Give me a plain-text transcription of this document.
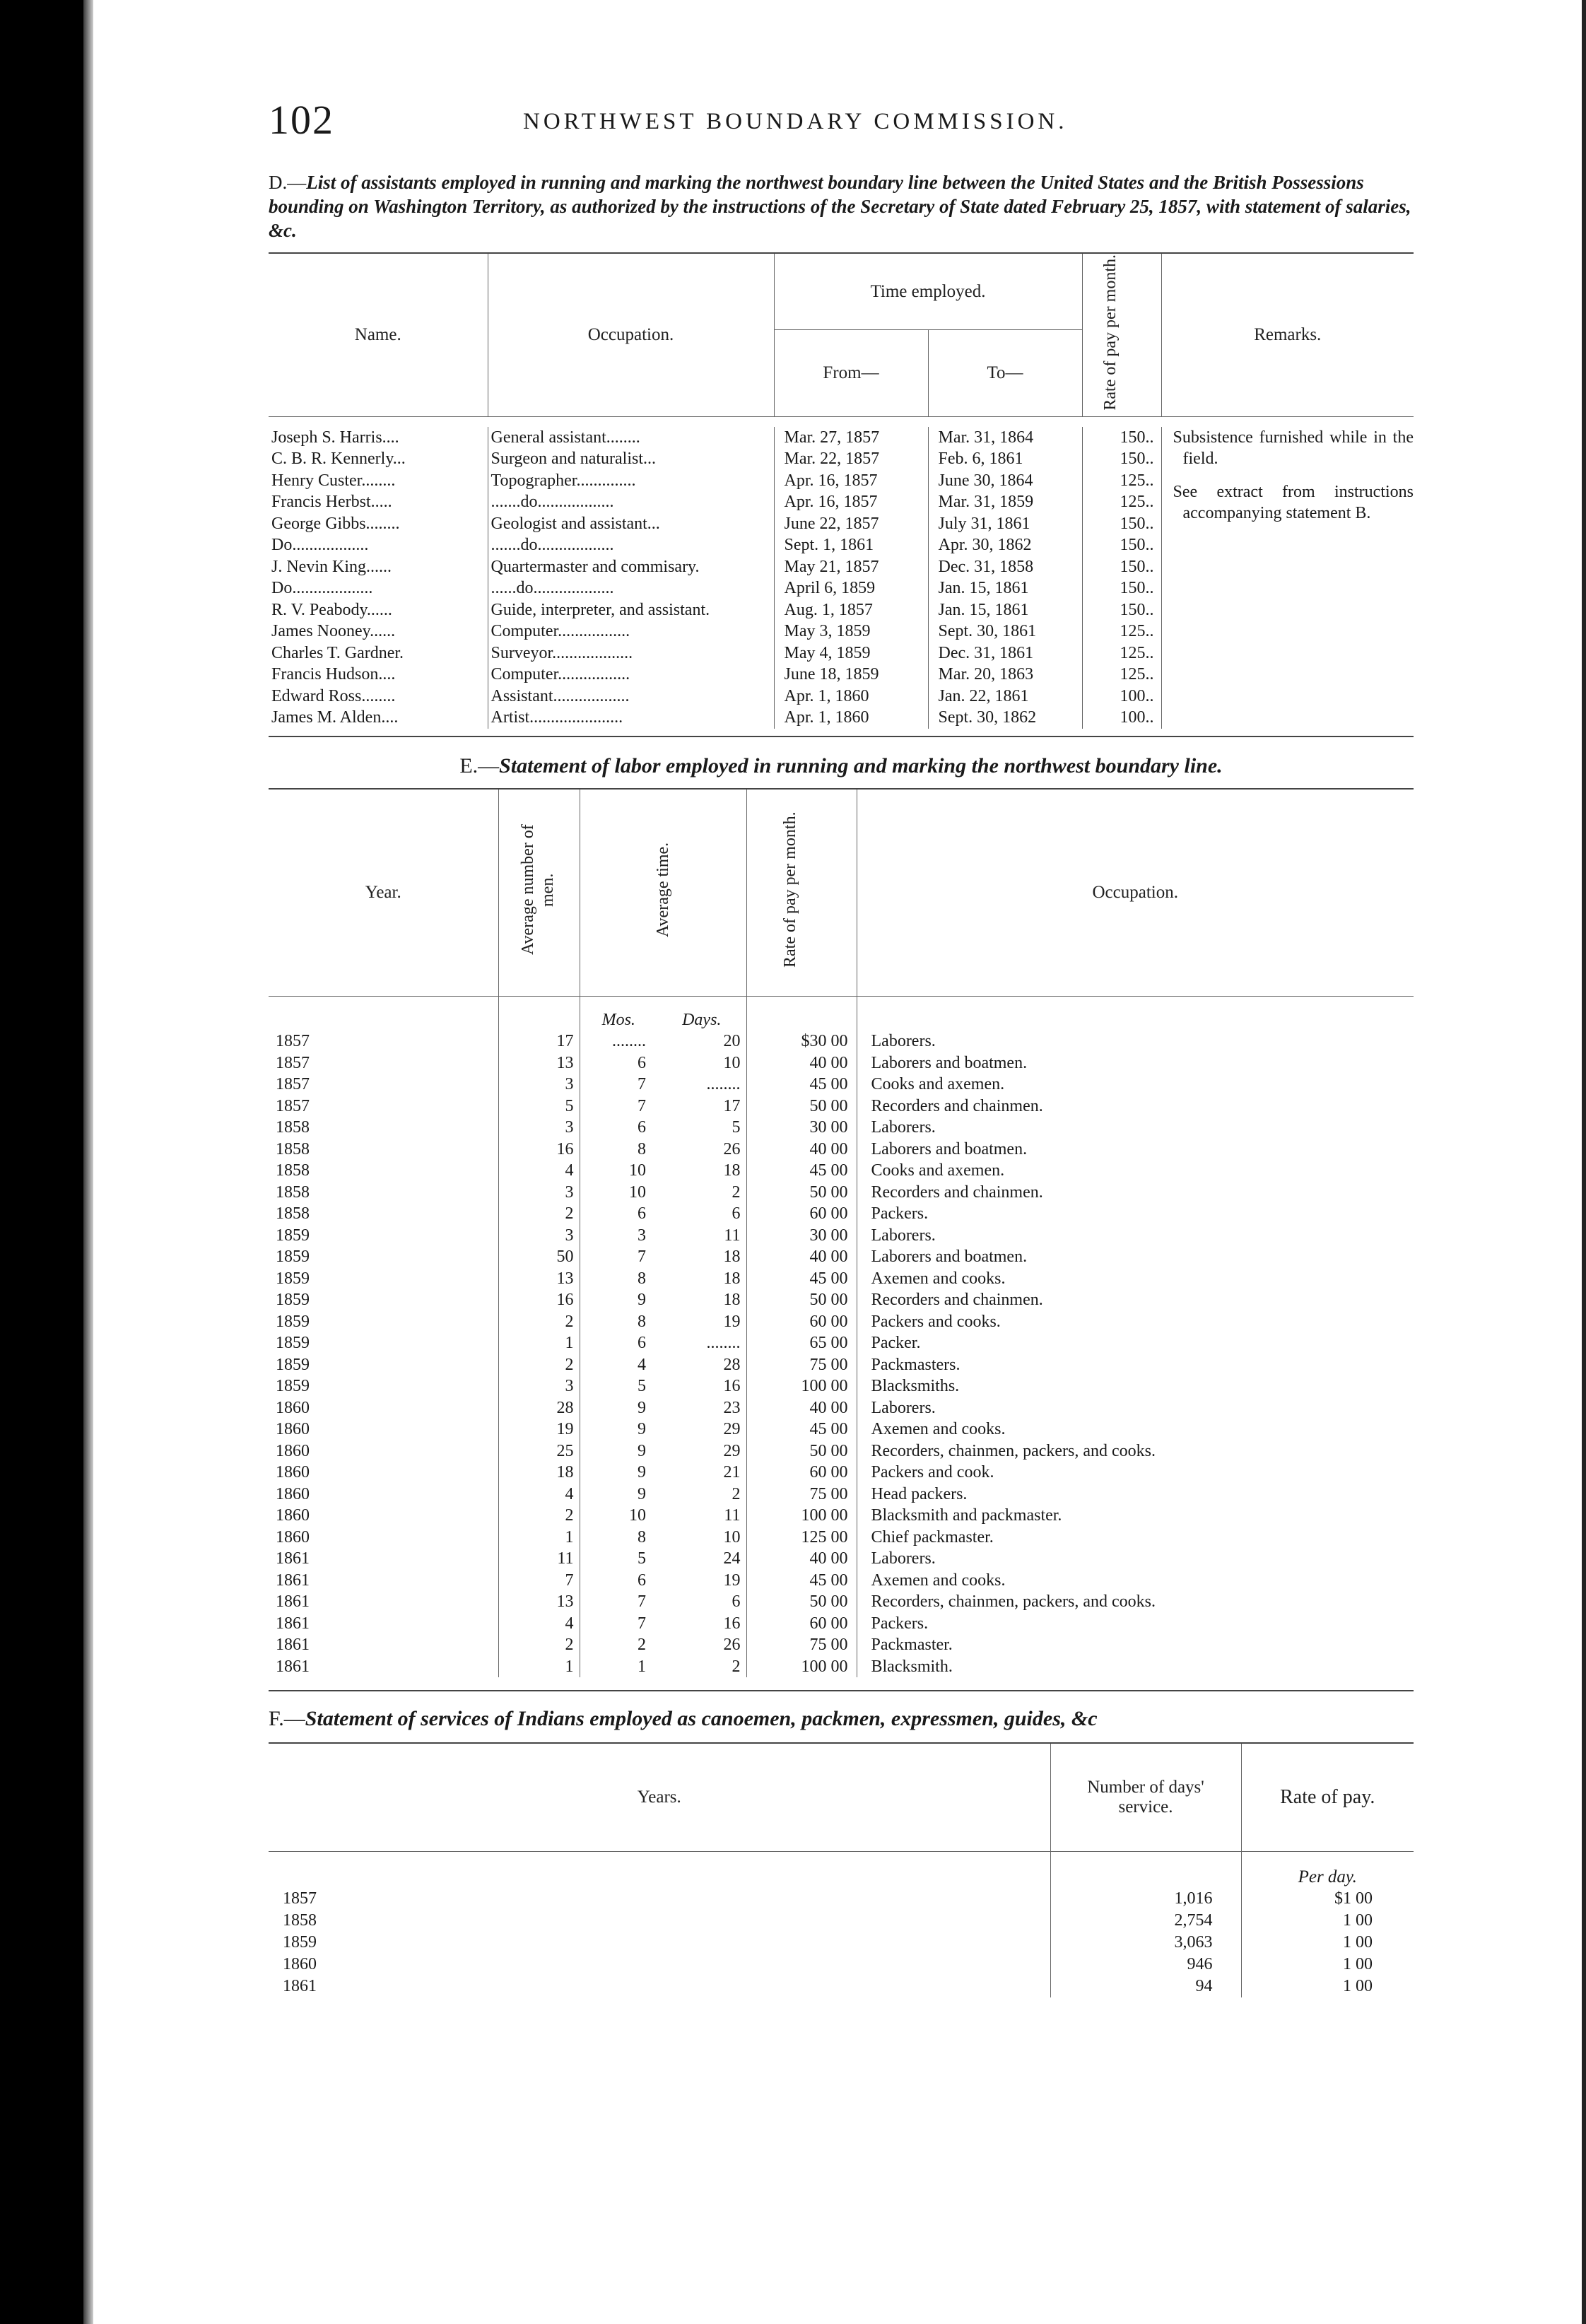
102	NORTHWEST BOUNDARY COMMISSION.
D.—List of assistants employed in running and marking the northwest boundary line between the United States and the British Possessions bounding on Washington Territory, as authorized by the instructions of the Secretary of State dated February 25, 1857, with statement of salaries, &c.
Name.	Occupation.	Time employed.		Rate of pay per month.	Remarks.
		From—	To—		

Joseph S. Harris....	General assistant........	Mar. 27, 1857	Mar. 31, 1864	150..	Subsistence furnished while in the field.
See extract from instructions accompanying statement B.

C. B. R. Kennerly...	Surgeon and naturalist...	Mar. 22, 1857	Feb. 6, 1861	150..	
Henry Custer........	Topographer..............	Apr. 16, 1857	June 30, 1864	125..	
Francis Herbst.....	.......do..................	Apr. 16, 1857	Mar. 31, 1859	125..	
George Gibbs........	Geologist and assistant...	June 22, 1857	July 31, 1861	150..	
Do..................	.......do..................	Sept. 1, 1861	Apr. 30, 1862	150..	
J. Nevin King......	Quartermaster and commisary.	May 21, 1857	Dec. 31, 1858	150..	
Do...................	......do...................	April 6, 1859	Jan. 15, 1861	150..	
R. V. Peabody......	Guide, interpreter, and assistant.	Aug. 1, 1857	Jan. 15, 1861	150..	
James Nooney......	Computer.................	May 3, 1859	Sept. 30, 1861	125..	
Charles T. Gardner.	Surveyor...................	May 4, 1859	Dec. 31, 1861	125..	
Francis Hudson....	Computer.................	June 18, 1859	Mar. 20, 1863	125..	
Edward Ross........	Assistant..................	Apr. 1, 1860	Jan. 22, 1861	100..	
James M. Alden....	Artist......................	Apr. 1, 1860	Sept. 30, 1862	100..	
E.—Statement of labor employed in running and marking the northwest boundary line.
Year.	Average number of men.	Average time.		Rate of pay per month.	Occupation.
		Mos.	Days.		
1857	17	........	20	$30 00	Laborers.
1857	13	6	10	40 00	Laborers and boatmen.
1857	3	7	........	45 00	Cooks and axemen.
1857	5	7	17	50 00	Recorders and chainmen.
1858	3	6	5	30 00	Laborers.
1858	16	8	26	40 00	Laborers and boatmen.
1858	4	10	18	45 00	Cooks and axemen.
1858	3	10	2	50 00	Recorders and chainmen.
1858	2	6	6	60 00	Packers.
1859	3	3	11	30 00	Laborers.
1859	50	7	18	40 00	Laborers and boatmen.
1859	13	8	18	45 00	Axemen and cooks.
1859	16	9	18	50 00	Recorders and chainmen.
1859	2	8	19	60 00	Packers and cooks.
1859	1	6	........	65 00	Packer.
1859	2	4	28	75 00	Packmasters.
1859	3	5	16	100 00	Blacksmiths.
1860	28	9	23	40 00	Laborers.
1860	19	9	29	45 00	Axemen and cooks.
1860	25	9	29	50 00	Recorders, chainmen, packers, and cooks.
1860	18	9	21	60 00	Packers and cook.
1860	4	9	2	75 00	Head packers.
1860	2	10	11	100 00	Blacksmith and packmaster.
1860	1	8	10	125 00	Chief packmaster.
1861	11	5	24	40 00	Laborers.
1861	7	6	19	45 00	Axemen and cooks.
1861	13	7	6	50 00	Recorders, chainmen, packers, and cooks.
1861	4	7	16	60 00	Packers.
1861	2	2	26	75 00	Packmaster.
1861	1	1	2	100 00	Blacksmith.
F.—Statement of services of Indians employed as canoemen, packmen, expressmen, guides, &c
Years.	Number of days' service.	Rate of pay.
		Per day.
1857	1,016	$1 00
1858	2,754	1 00
1859	3,063	1 00
1860	946	1 00
1861	94	1 00
